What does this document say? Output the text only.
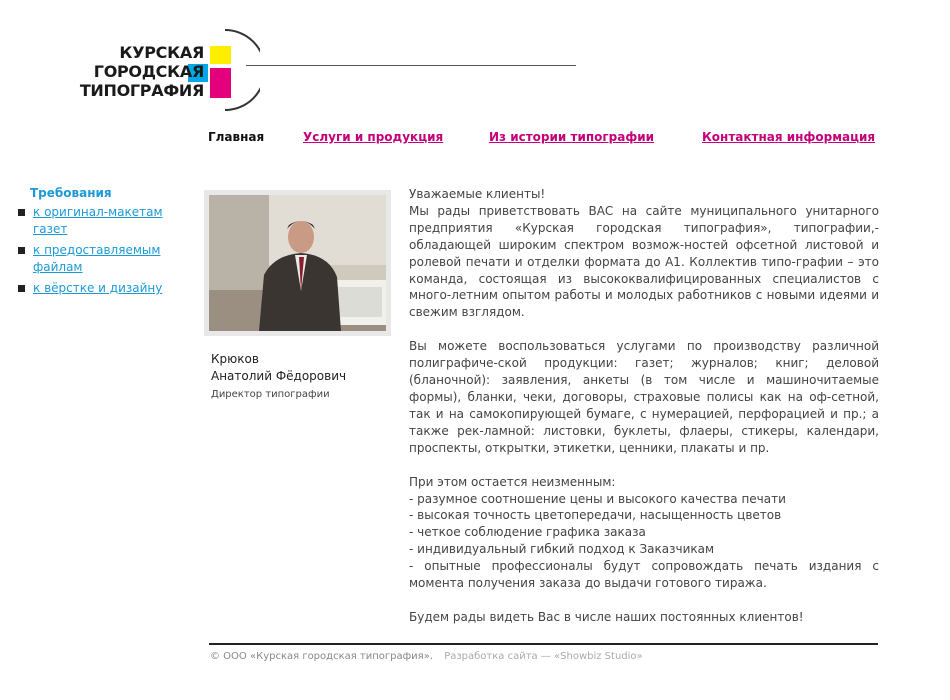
КУРСКАЯ
ГОРОДСКАЯ
ТИПОГРАФИЯ
Главная	Услуги и продукция	Из истории типографии	Контактная информация
Требования
к оригинал-макетам газет
к предоставляемым файлам
к вёрстке и дизайну
Крюков
Анатолий Фёдорович
Директор типографии

Уважаемые клиенты!

Мы рады приветствовать ВАС на сайте муниципального унитарного предприятия «Курская городская типография», типографии,- обладающей широким спектром возмож-ностей офсетной листовой и ролевой печати и отделки формата до А1. Коллектив типо-графии – это команда, состоящая из высококвалифицированных специалистов с много-летним опытом работы и молодых работников с новыми идеями и свежим взглядом.

Вы можете воспользоваться услугами по производству различной полиграфиче-ской продукции: газет; журналов; книг; деловой (бланочной): заявления, анкеты (в том числе и машиночитаемые формы), бланки, чеки, договоры, страховые полисы как на оф-сетной, так и на самокопирующей бумаге, с нумерацией, перфорацией и пр.; а также рек-ламной: листовки, буклеты, флаеры, стикеры, календари, проспекты, открытки, этикетки, ценники, плакаты и пр.

При этом остается неизменным:

- разумное соотношение цены и высокого качества печати

- высокая точность цветопередачи, насыщенность цветов

- четкое соблюдение графика заказа

- индивидуальный гибкий подход к Заказчикам

- опытные профессионалы будут сопровождать печать издания с момента получения заказа до выдачи готового тиража.

Будем рады видеть Вас в числе наших постоянных клиентов!

© ООО «Курская городская типография». Разработка сайта — «Showbiz Studio»
